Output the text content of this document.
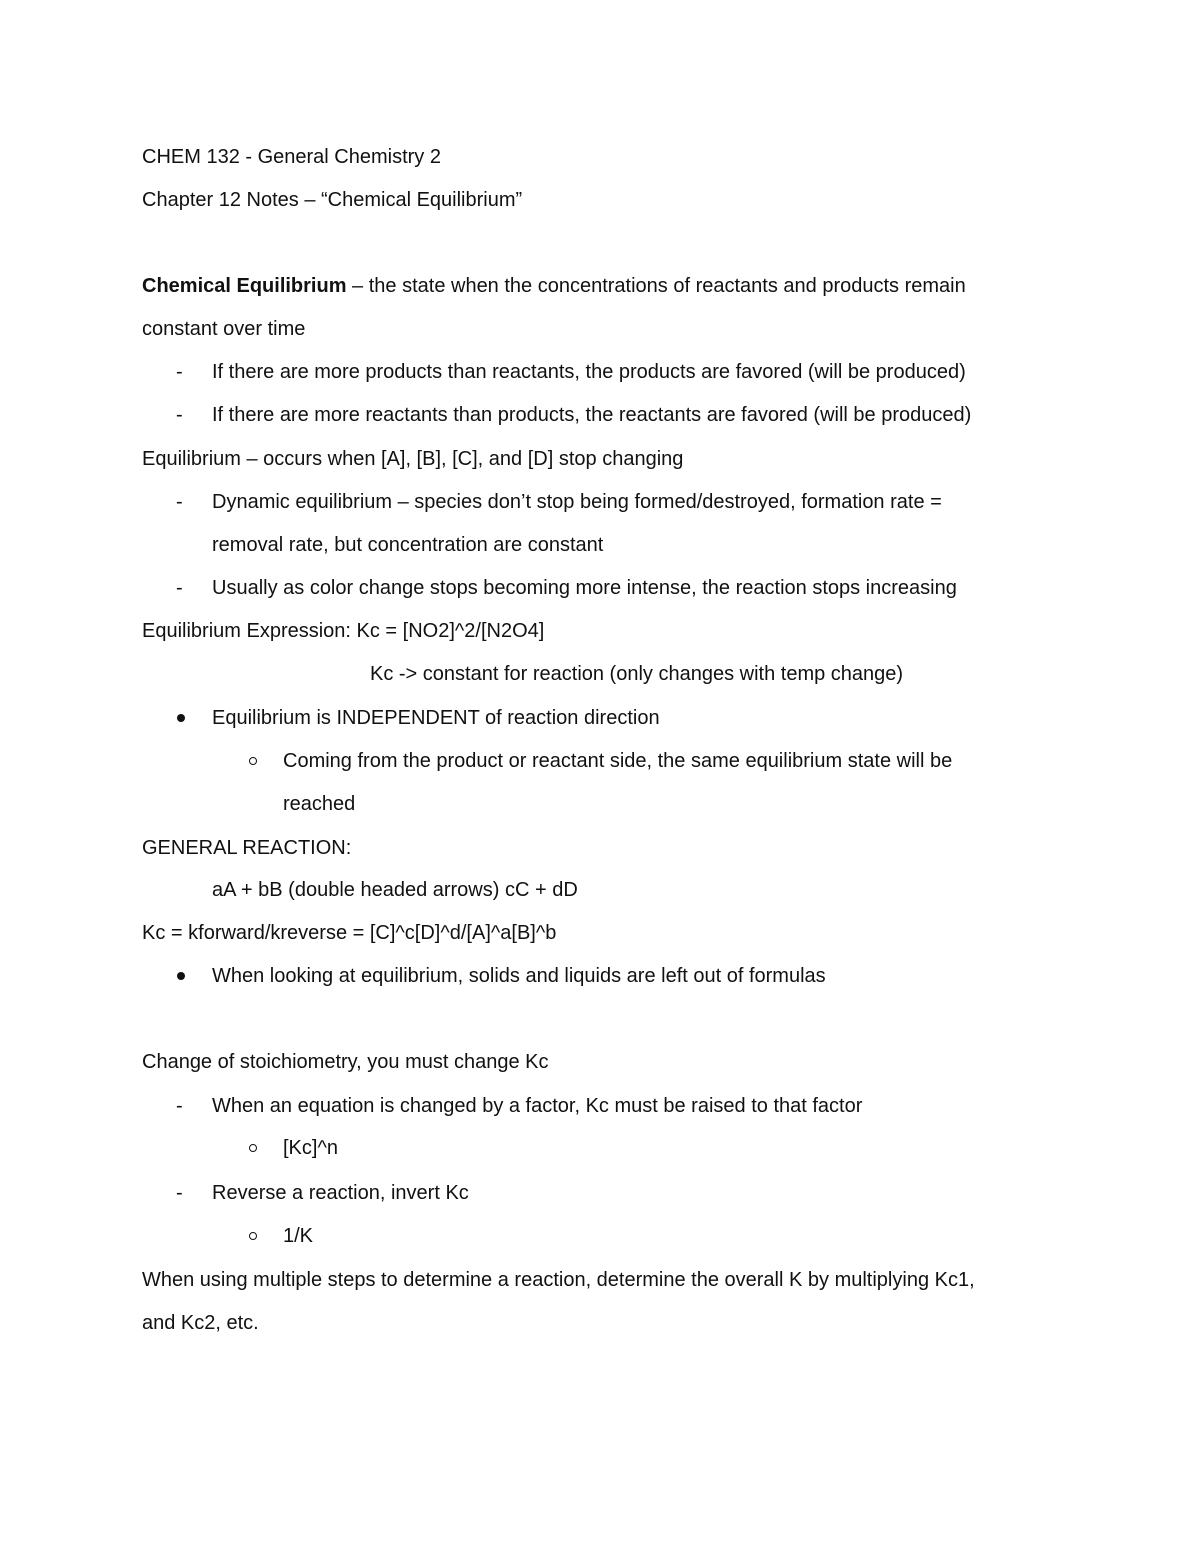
CHEM 132 - General Chemistry 2
Chapter 12 Notes – “Chemical Equilibrium”
Chemical Equilibrium – the state when the concentrations of reactants and products remain
constant over time
- If there are more products than reactants, the products are favored (will be produced)
- If there are more reactants than products, the reactants are favored (will be produced)
Equilibrium – occurs when [A], [B], [C], and [D] stop changing
- Dynamic equilibrium – species don’t stop being formed/destroyed, formation rate =
removal rate, but concentration are constant
- Usually as color change stops becoming more intense, the reaction stops increasing
Equilibrium Expression: Kc = [NO2]^2/[N2O4]
Kc -> constant for reaction (only changes with temp change)
Equilibrium is INDEPENDENT of reaction direction
Coming from the product or reactant side, the same equilibrium state will be
reached
GENERAL REACTION:
aA + bB (double headed arrows) cC + dD
Kc = kforward/kreverse = [C]^c[D]^d/[A]^a[B]^b
When looking at equilibrium, solids and liquids are left out of formulas
Change of stoichiometry, you must change Kc
- When an equation is changed by a factor, Kc must be raised to that factor
[Kc]^n
- Reverse a reaction, invert Kc
1/K
When using multiple steps to determine a reaction, determine the overall K by multiplying Kc1,
and Kc2, etc.
